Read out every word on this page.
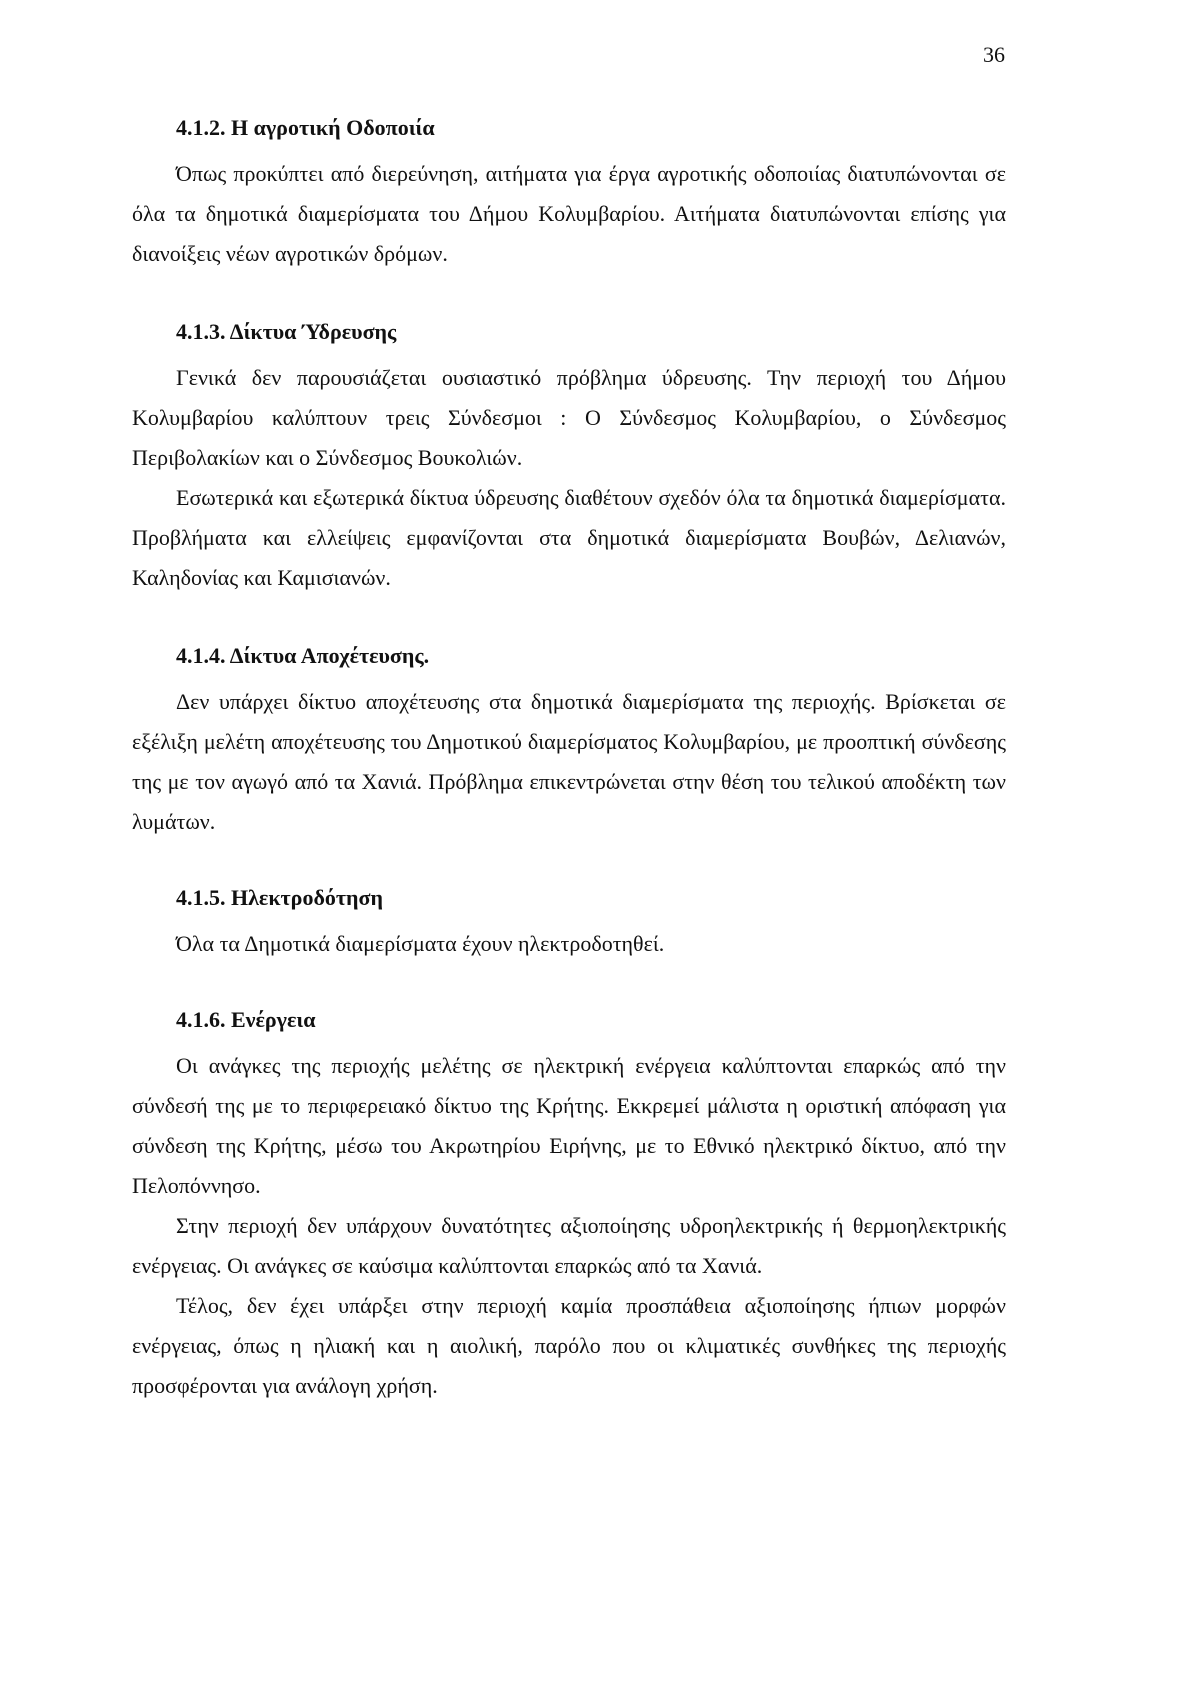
36
4.1.2. Η αγροτική Οδοποιία

Όπως προκύπτει από διερεύνηση, αιτήματα για έργα αγροτικής οδοποιίας διατυπώνονται σε όλα τα δημοτικά διαμερίσματα του Δήμου Κολυμβαρίου. Αιτήματα διατυπώνονται επίσης για διανοίξεις νέων αγροτικών δρόμων.

4.1.3. Δίκτυα Ύδρευσης

Γενικά δεν παρουσιάζεται ουσιαστικό πρόβλημα ύδρευσης. Την περιοχή του Δήμου Κολυμβαρίου καλύπτουν τρεις Σύνδεσμοι : Ο Σύνδεσμος Κολυμβαρίου, ο Σύνδεσμος Περιβολακίων και ο Σύνδεσμος Βουκολιών.

Εσωτερικά και εξωτερικά δίκτυα ύδρευσης διαθέτουν σχεδόν όλα τα δημοτικά διαμερίσματα. Προβλήματα και ελλείψεις εμφανίζονται στα δημοτικά διαμερίσματα Βουβών, Δελιανών, Καληδονίας και Καμισιανών.

4.1.4. Δίκτυα Αποχέτευσης.

Δεν υπάρχει δίκτυο αποχέτευσης στα δημοτικά διαμερίσματα της περιοχής. Βρίσκεται σε εξέλιξη μελέτη αποχέτευσης του Δημοτικού διαμερίσματος Κολυμβαρίου, με προοπτική σύνδεσης της με τον αγωγό από τα Χανιά. Πρόβλημα επικεντρώνεται στην θέση του τελικού αποδέκτη των λυμάτων.

4.1.5. Ηλεκτροδότηση

Όλα τα Δημοτικά διαμερίσματα έχουν ηλεκτροδοτηθεί.

4.1.6. Ενέργεια

Οι ανάγκες της περιοχής μελέτης σε ηλεκτρική ενέργεια καλύπτονται επαρκώς από την σύνδεσή της με το περιφερειακό δίκτυο της Κρήτης. Εκκρεμεί μάλιστα η οριστική απόφαση για σύνδεση της Κρήτης, μέσω του Ακρωτηρίου Ειρήνης, με το Εθνικό ηλεκτρικό δίκτυο, από την Πελοπόννησο.

Στην περιοχή δεν υπάρχουν δυνατότητες αξιοποίησης υδροηλεκτρικής ή θερμοηλεκτρικής ενέργειας. Οι ανάγκες σε καύσιμα καλύπτονται επαρκώς από τα Χανιά.

Τέλος, δεν έχει υπάρξει στην περιοχή καμία προσπάθεια αξιοποίησης ήπιων μορφών ενέργειας, όπως η ηλιακή και η αιολική, παρόλο που οι κλιματικές συνθήκες της περιοχής προσφέρονται για ανάλογη χρήση.
